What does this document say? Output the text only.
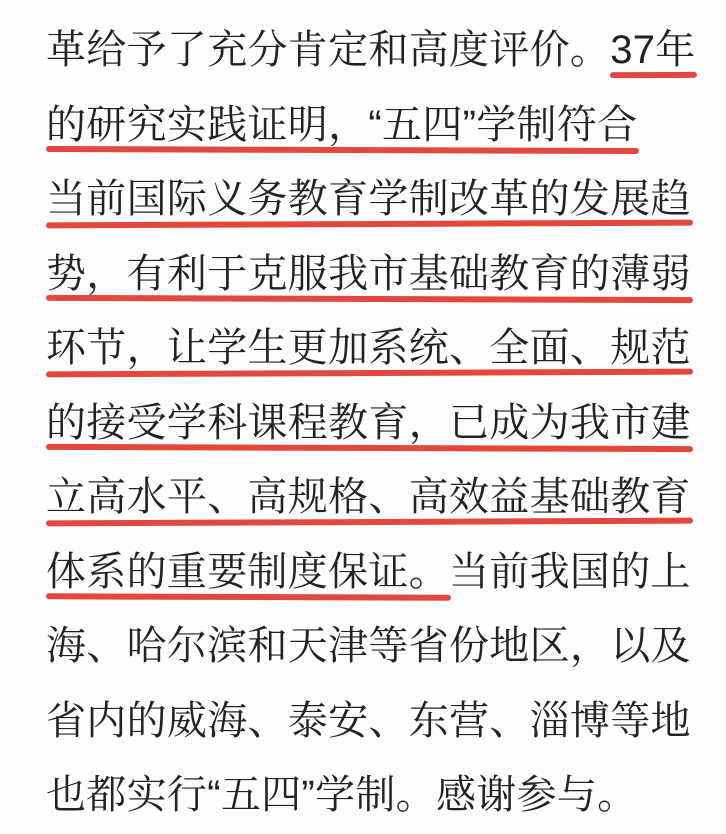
革给予了充分肯定和高度评价。37年
的研究实践证明，“五四”学制符合
当前国际义务教育学制改革的发展趋
势，有利于克服我市基础教育的薄弱
环节，让学生更加系统、全面、规范
的接受学科课程教育，已成为我市建
立高水平、高规格、高效益基础教育
体系的重要制度保证。当前我国的上
海、哈尔滨和天津等省份地区，以及
省内的威海、泰安、东营、淄博等地
也都实行“五四”学制。感谢参与。
